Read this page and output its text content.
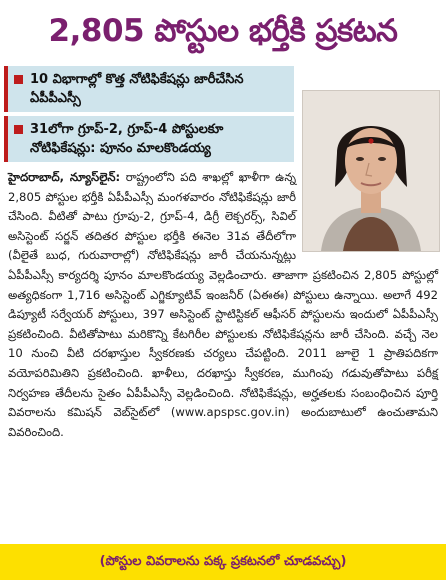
2,805 పోస్టుల భర్తీకి ప్రకటన
10 విభాగాల్లో కొత్త నోటిఫికేషన్లు జారీచేసిన ఏపీపీఎస్సీ
31లోగా గ్రూప్-2, గ్రూప్-4 పోస్టులకూ నోటిఫికేషన్లు: పూనం మాలకొండయ్య
హైదరాబాద్, న్యూస్‌లైన్: రాష్ట్రంలోని పది శాఖల్లో ఖాళీగా ఉన్న 2,805 పోస్టుల భర్తీకి ఏపీపీఎస్సీ మంగళవారం నోటిఫికేషన్లు జారీ చేసింది. వీటితో పాటు గ్రూపు-2, గ్రూప్-4, డిగ్రీ లెక్చరర్స్, సివిల్ అసిస్టెంట్ సర్జన్ తదితర పోస్టుల భర్తీకి ఈనెల 31వ తేదీలోగా (వీలైతే బుధ, గురువారాల్లో) నోటిఫికేషన్లు జారీ చేయనున్నట్లు ఏపీపీఎస్సీ కార్యదర్శి పూనం మాలకొండయ్య వెల్లడించారు. తాజాగా ప్రకటించిన 2,805 పోస్టుల్లో అత్యధికంగా 1,716 అసిస్టెంట్ ఎగ్జిక్యూటివ్ ఇంజనీర్ (ఏఈఈ) పోస్టులు ఉన్నాయి. అలాగే 492 డిప్యూటీ సర్వేయర్ పోస్టులు, 397 అసిస్టెంట్ స్టాటిస్టికల్ ఆఫీసర్ పోస్టులను ఇందులో ఏపీపీఎస్సీ ప్రకటించింది. వీటితోపాటు మరికొన్ని కేటగిరీల పోస్టులకు నోటిఫికేషన్లను జారీ చేసింది. వచ్చే నెల 10 నుంచి వీటి దరఖాస్తుల స్వీకరణకు చర్యలు చేపట్టింది. 2011 జూలై 1 ప్రాతిపదికగా వయోపరిమితిని ప్రకటించింది. ఖాళీలు, దరఖాస్తు స్వీకరణ, ముగింపు గడువుతోపాటు పరీక్ష నిర్వహణ తేదీలను సైతం ఏపీపీఎస్సీ వెల్లడించింది. నోటిఫికేషన్లు, అర్హతలకు సంబంధించిన పూర్తి వివరాలను కమిషన్ వెబ్‌సైట్‌లో (www.apspsc.gov.in) అందుబాటులో ఉంచుతామని వివరించింది.
(పోస్టుల వివరాలను పక్క ప్రకటనలో చూడవచ్చు)
